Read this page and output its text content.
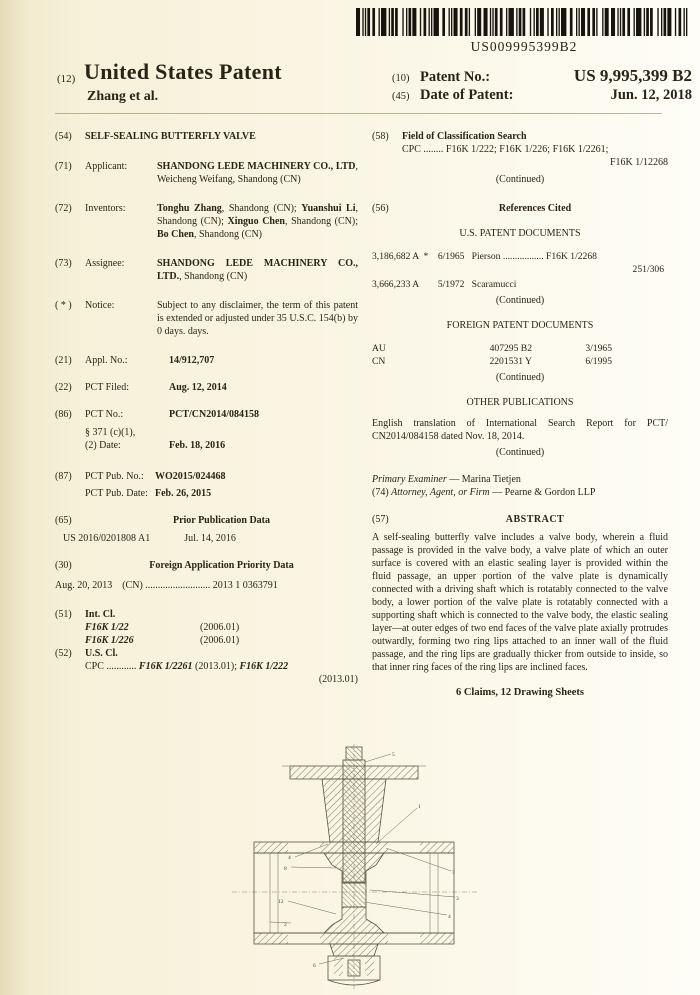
US009995399B2
(12) United States Patent
Zhang et al.
(10) Patent No.:	US 9,995,399 B2
(45) Date of Patent:	Jun. 12, 2018
(54)	SELF-SEALING BUTTERFLY VALVE
(71)	Applicant:	SHANDONG LEDE MACHINERY CO., LTD, Weicheng Weifang, Shandong (CN)
(72)	Inventors:	Tonghu Zhang, Shandong (CN); Yuanshui Li, Shandong (CN); Xinguo Chen, Shandong (CN); Bo Chen, Shandong (CN)
(73)	Assignee:	SHANDONG LEDE MACHINERY CO., LTD., Shandong (CN)
( * )	Notice:	Subject to any disclaimer, the term of this patent is extended or adjusted under 35 U.S.C. 154(b) by 0 days. days.
(21)	Appl. No.:	14/912,707
(22)	PCT Filed:	Aug. 12, 2014
(86)	PCT No.:	PCT/CN2014/084158
§ 371 (c)(1),
(2) Date:	Feb. 18, 2016
(87)	PCT Pub. No.:	WO2015/024468
PCT Pub. Date: Feb. 26, 2015
(65)	Prior Publication Data
US 2016/0201808 A1	Jul. 14, 2016
(30)	Foreign Application Priority Data
Aug. 20, 2013    (CN) .......................... 2013 1 0363791
(51)	Int. Cl.
F16K 1/22	(2006.01)
F16K 1/226	(2006.01)
(52)	U.S. Cl.
CPC ............ F16K 1/2261 (2013.01); F16K 1/222
(2013.01)
(58)	Field of Classification Search
CPC ........ F16K 1/222; F16K 1/226; F16K 1/2261;
F16K 1/12268
(Continued)
(56)	References Cited
U.S. PATENT DOCUMENTS
3,186,682 A  *    6/1965   Pierson ................. F16K 1/2268
251/306
3,666,233 A        5/1972   Scaramucci
(Continued)
FOREIGN PATENT DOCUMENTS
AU	407295 B2	3/1965
CN	2201531 Y	6/1995
(Continued)
OTHER PUBLICATIONS
English translation of International Search Report for PCT/ CN2014/084158 dated Nov. 18, 2014.
(Continued)
Primary Examiner — Marina Tietjen
(74) Attorney, Agent, or Firm — Pearne & Gordon LLP
(57)	ABSTRACT
A self-sealing butterfly valve includes a valve body, wherein a fluid passage is provided in the valve body, a valve plate of which an outer surface is covered with an elastic sealing layer is provided within the fluid passage, an upper portion of the valve plate is dynamically connected with a driving shaft which is rotatably connected to the valve body, a lower portion of the valve plate is rotatably connected with a supporting shaft which is connected to the valve body, the elastic sealing layer—at outer edges of two end faces of the valve plate axially protrudes outwardly, forming two ring lips attached to an inner wall of the fluid passage, and the ring lips are gradually thicker from outside to inside, so that inner ring faces of the ring lips are inclined faces.
6 Claims, 12 Drawing Sheets
5
1
7
3
4
4
8
12
2
6
